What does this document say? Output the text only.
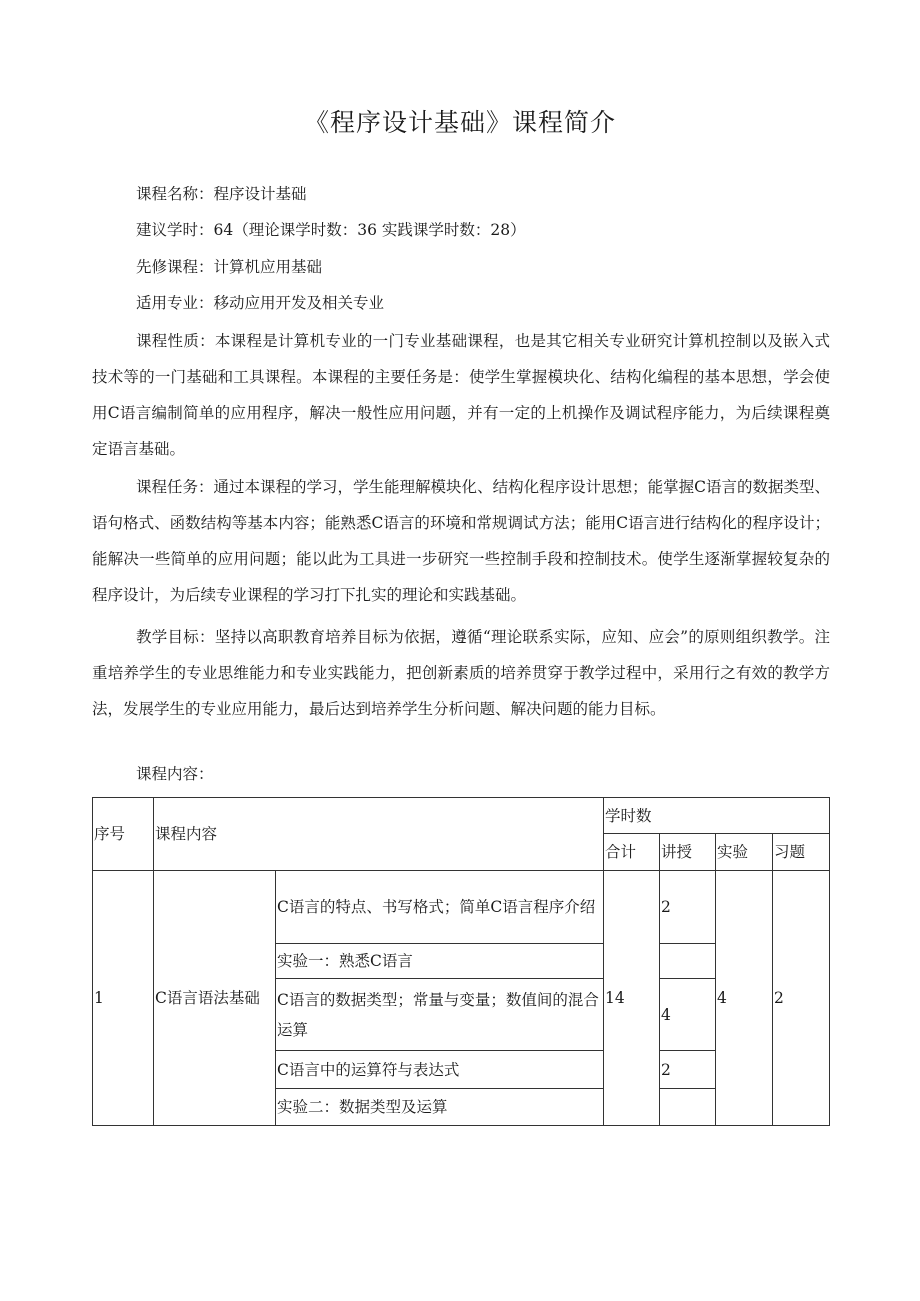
《程序设计基础》课程简介
课程名称：程序设计基础
建议学时：64（理论课学时数：36 实践课学时数：28）
先修课程：计算机应用基础
适用专业：移动应用开发及相关专业

课程性质：本课程是计算机专业的一门专业基础课程，也是其它相关专业研究计算机控制以及嵌入式技术等的一门基础和工具课程。本课程的主要任务是：使学生掌握模块化、结构化编程的基本思想，学会使用C语言编制简单的应用程序，解决一般性应用问题，并有一定的上机操作及调试程序能力，为后续课程奠定语言基础。

课程任务：通过本课程的学习，学生能理解模块化、结构化程序设计思想；能掌握C语言的数据类型、语句格式、函数结构等基本内容；能熟悉C语言的环境和常规调试方法；能用C语言进行结构化的程序设计；能解决一些简单的应用问题；能以此为工具进一步研究一些控制手段和控制技术。使学生逐渐掌握较复杂的程序设计，为后续专业课程的学习打下扎实的理论和实践基础。

教学目标：坚持以高职教育培养目标为依据，遵循“理论联系实际，应知、应会”的原则组织教学。注重培养学生的专业思维能力和专业实践能力，把创新素质的培养贯穿于教学过程中，采用行之有效的教学方法，发展学生的专业应用能力，最后达到培养学生分析问题、解决问题的能力目标。

课程内容：
序号	课程内容		学时数			
			合计	讲授	实验	习题
1	C语言语法基础	C语言的特点、书写格式；简单C语言程序介绍	14	2	4	2
		实验一：熟悉C语言				
		C语言的数据类型；常量与变量；数值间的混合运算		4		
		C语言中的运算符与表达式		2		
		实验二：数据类型及运算				
